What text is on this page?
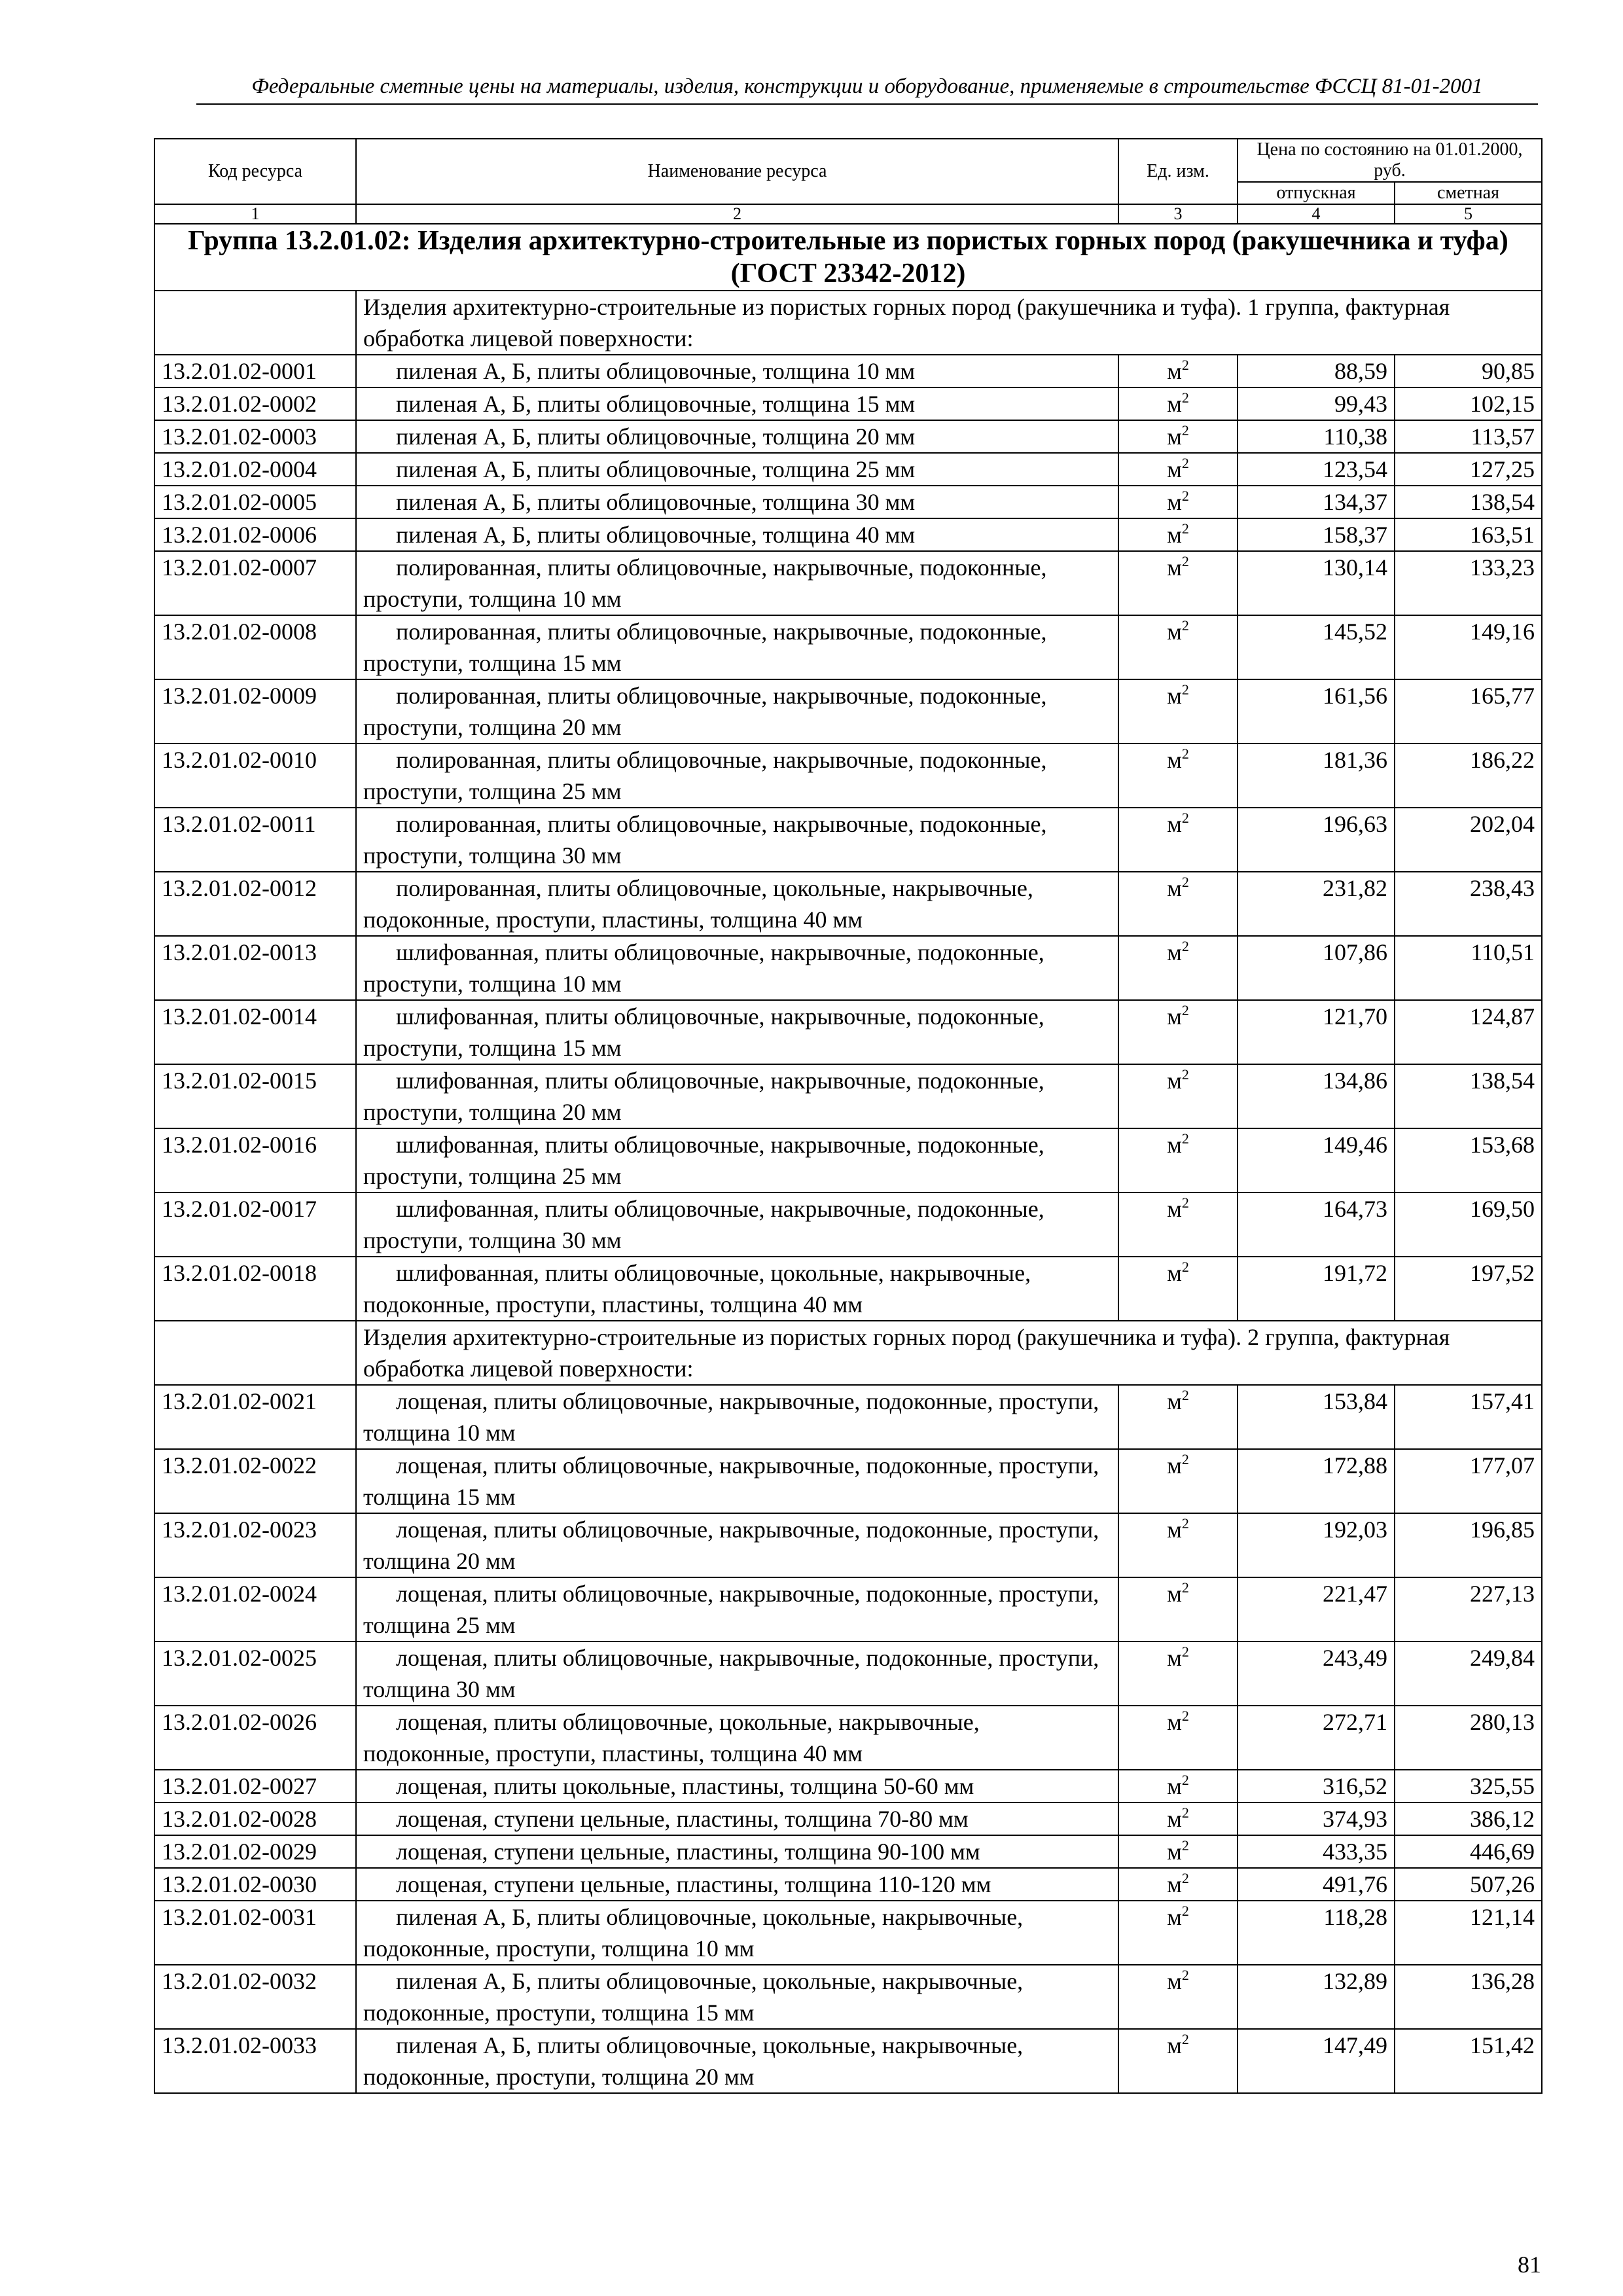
Федеральные сметные цены на материалы, изделия, конструкции и оборудование, применяемые в строительстве ФССЦ 81-01-2001
Код ресурса	Наименование ресурса	Ед. изм.	Цена по состоянию на 01.01.2000, руб.	
			отпускная	сметная
1	2	3	4	5
Группа 13.2.01.02: Изделия архитектурно-строительные из пористых горных пород (ракушечника и туфа) (ГОСТ 23342-2012)				
	Изделия архитектурно-строительные из пористых горных пород (ракушечника и туфа). 1 группа, фактурная обработка лицевой поверхности:			
13.2.01.02-0001	пиленая А, Б, плиты облицовочные, толщина 10 мм	$м^2$	88,59	90,85
13.2.01.02-0002	пиленая А, Б, плиты облицовочные, толщина 15 мм	$м^2$	99,43	102,15
13.2.01.02-0003	пиленая А, Б, плиты облицовочные, толщина 20 мм	$м^2$	110,38	113,57
13.2.01.02-0004	пиленая А, Б, плиты облицовочные, толщина 25 мм	$м^2$	123,54	127,25
13.2.01.02-0005	пиленая А, Б, плиты облицовочные, толщина 30 мм	$м^2$	134,37	138,54
13.2.01.02-0006	пиленая А, Б, плиты облицовочные, толщина 40 мм	$м^2$	158,37	163,51
13.2.01.02-0007	полированная, плиты облицовочные, накрывочные, подоконные, проступи, толщина 10 мм	$м^2$	130,14	133,23
13.2.01.02-0008	полированная, плиты облицовочные, накрывочные, подоконные, проступи, толщина 15 мм	$м^2$	145,52	149,16
13.2.01.02-0009	полированная, плиты облицовочные, накрывочные, подоконные, проступи, толщина 20 мм	$м^2$	161,56	165,77
13.2.01.02-0010	полированная, плиты облицовочные, накрывочные, подоконные, проступи, толщина 25 мм	$м^2$	181,36	186,22
13.2.01.02-0011	полированная, плиты облицовочные, накрывочные, подоконные, проступи, толщина 30 мм	$м^2$	196,63	202,04
13.2.01.02-0012	полированная, плиты облицовочные, цокольные, накрывочные, подоконные, проступи, пластины, толщина 40 мм	$м^2$	231,82	238,43
13.2.01.02-0013	шлифованная, плиты облицовочные, накрывочные, подоконные, проступи, толщина 10 мм	$м^2$	107,86	110,51
13.2.01.02-0014	шлифованная, плиты облицовочные, накрывочные, подоконные, проступи, толщина 15 мм	$м^2$	121,70	124,87
13.2.01.02-0015	шлифованная, плиты облицовочные, накрывочные, подоконные, проступи, толщина 20 мм	$м^2$	134,86	138,54
13.2.01.02-0016	шлифованная, плиты облицовочные, накрывочные, подоконные, проступи, толщина 25 мм	$м^2$	149,46	153,68
13.2.01.02-0017	шлифованная, плиты облицовочные, накрывочные, подоконные, проступи, толщина 30 мм	$м^2$	164,73	169,50
13.2.01.02-0018	шлифованная, плиты облицовочные, цокольные, накрывочные, подоконные, проступи, пластины, толщина 40 мм	$м^2$	191,72	197,52
	Изделия архитектурно-строительные из пористых горных пород (ракушечника и туфа). 2 группа, фактурная обработка лицевой поверхности:			
13.2.01.02-0021	лощеная, плиты облицовочные, накрывочные, подоконные, проступи, толщина 10 мм	$м^2$	153,84	157,41
13.2.01.02-0022	лощеная, плиты облицовочные, накрывочные, подоконные, проступи, толщина 15 мм	$м^2$	172,88	177,07
13.2.01.02-0023	лощеная, плиты облицовочные, накрывочные, подоконные, проступи, толщина 20 мм	$м^2$	192,03	196,85
13.2.01.02-0024	лощеная, плиты облицовочные, накрывочные, подоконные, проступи, толщина 25 мм	$м^2$	221,47	227,13
13.2.01.02-0025	лощеная, плиты облицовочные, накрывочные, подоконные, проступи, толщина 30 мм	$м^2$	243,49	249,84
13.2.01.02-0026	лощеная, плиты облицовочные, цокольные, накрывочные, подоконные, проступи, пластины, толщина 40 мм	$м^2$	272,71	280,13
13.2.01.02-0027	лощеная, плиты цокольные, пластины, толщина 50-60 мм	$м^2$	316,52	325,55
13.2.01.02-0028	лощеная, ступени цельные, пластины, толщина 70-80 мм	$м^2$	374,93	386,12
13.2.01.02-0029	лощеная, ступени цельные, пластины, толщина 90-100 мм	$м^2$	433,35	446,69
13.2.01.02-0030	лощеная, ступени цельные, пластины, толщина 110-120 мм	$м^2$	491,76	507,26
13.2.01.02-0031	пиленая А, Б, плиты облицовочные, цокольные, накрывочные, подоконные, проступи, толщина 10 мм	$м^2$	118,28	121,14
13.2.01.02-0032	пиленая А, Б, плиты облицовочные, цокольные, накрывочные, подоконные, проступи, толщина 15 мм	$м^2$	132,89	136,28
13.2.01.02-0033	пиленая А, Б, плиты облицовочные, цокольные, накрывочные, подоконные, проступи, толщина 20 мм	$м^2$	147,49	151,42
81
